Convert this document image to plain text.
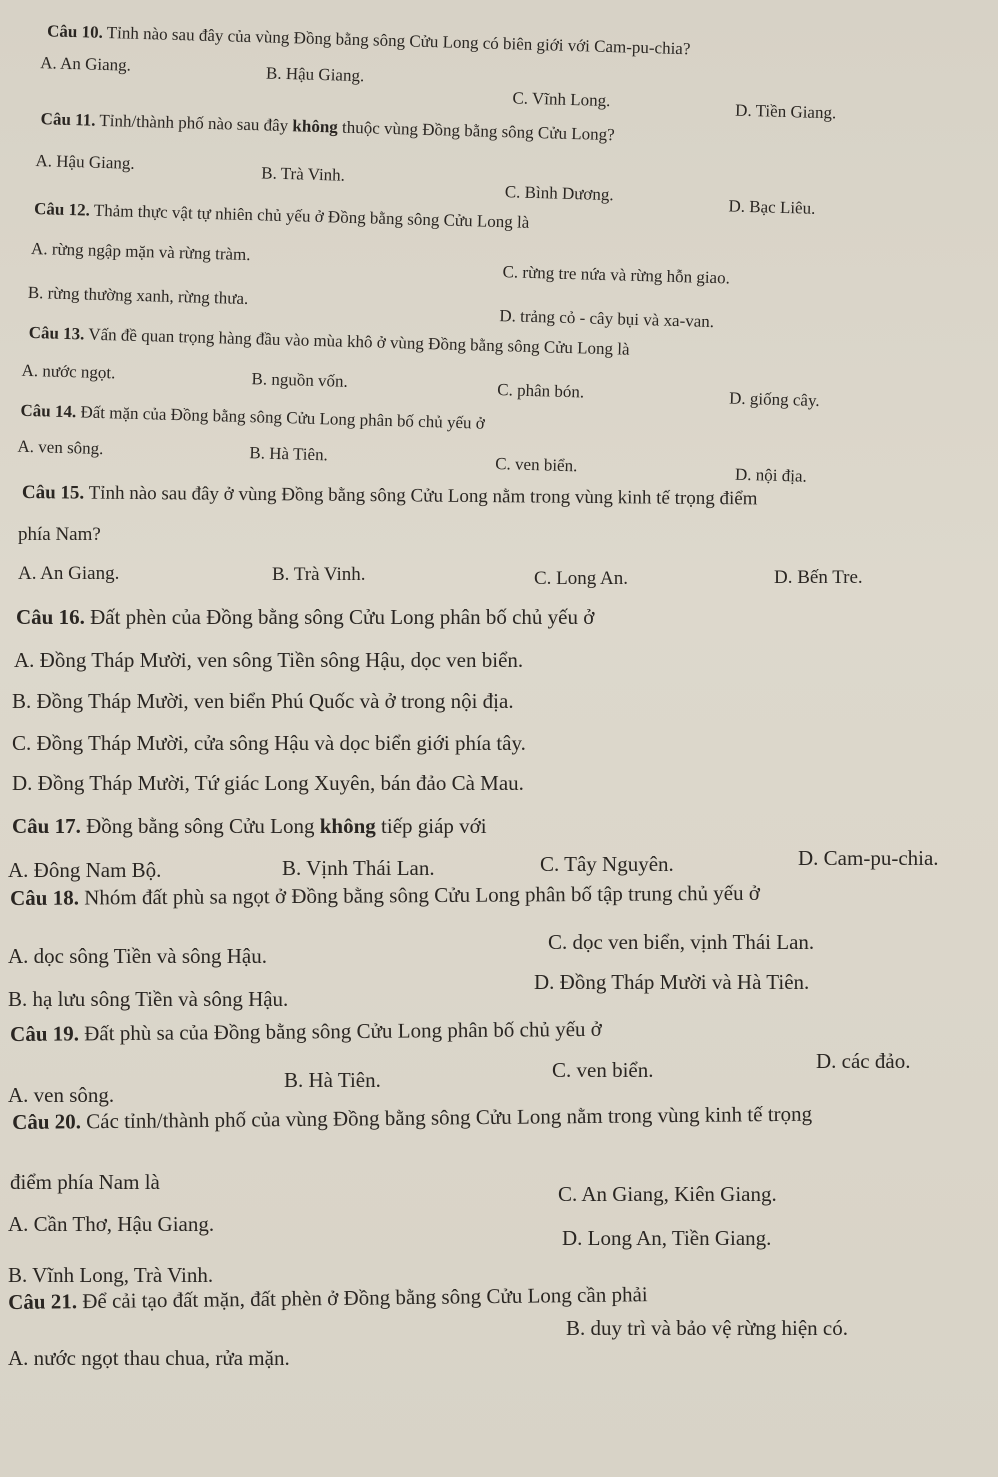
Câu 10. Tỉnh nào sau đây của vùng Đồng bằng sông Cửu Long có biên giới với Cam-pu-chia?
A. An Giang.	B. Hậu Giang.
C. Vĩnh Long.
D. Tiền Giang.
Câu 11. Tỉnh/thành phố nào sau đây không thuộc vùng Đồng bằng sông Cửu Long?
A. Hậu Giang.
B. Trà Vinh.
C. Bình Dương.
D. Bạc Liêu.
Câu 12. Thảm thực vật tự nhiên chủ yếu ở Đồng bằng sông Cửu Long là
A. rừng ngập mặn và rừng tràm.
C. rừng tre nứa và rừng hỗn giao.
B. rừng thường xanh, rừng thưa.
D. trảng cỏ - cây bụi và xa-van.
Câu 13. Vấn đề quan trọng hàng đầu vào mùa khô ở vùng Đồng bằng sông Cửu Long là
A. nước ngọt.	B. nguồn vốn.	C. phân bón.	D. giống cây.
Câu 14. Đất mặn của Đồng bằng sông Cửu Long phân bố chủ yếu ở
A. ven sông.	B. Hà Tiên.
C. ven biển.	D. nội địa.
Câu 15. Tỉnh nào sau đây ở vùng Đồng bằng sông Cửu Long nằm trong vùng kinh tế trọng điểm
phía Nam?
A. An Giang.	B. Trà Vinh.	C. Long An.	D. Bến Tre.
Câu 16. Đất phèn của Đồng bằng sông Cửu Long phân bố chủ yếu ở
A. Đồng Tháp Mười, ven sông Tiền sông Hậu, dọc ven biển.
B. Đồng Tháp Mười, ven biển Phú Quốc và ở trong nội địa.
C. Đồng Tháp Mười, cửa sông Hậu và dọc biển giới phía tây.
D. Đồng Tháp Mười, Tứ giác Long Xuyên, bán đảo Cà Mau.
Câu 17. Đồng bằng sông Cửu Long không tiếp giáp với
A. Đông Nam Bộ.	B. Vịnh Thái Lan.	C. Tây Nguyên.	D. Cam-pu-chia.
Câu 18. Nhóm đất phù sa ngọt ở Đồng bằng sông Cửu Long phân bố tập trung chủ yếu ở
C. dọc ven biển, vịnh Thái Lan.
A. dọc sông Tiền và sông Hậu.
D. Đồng Tháp Mười và Hà Tiên.
B. hạ lưu sông Tiền và sông Hậu.
Câu 19. Đất phù sa của Đồng bằng sông Cửu Long phân bố chủ yếu ở
D. các đảo.
B. Hà Tiên.	C. ven biển.
A. ven sông.
Câu 20. Các tỉnh/thành phố của vùng Đồng bằng sông Cửu Long nằm trong vùng kinh tế trọng
điểm phía Nam là	C. An Giang, Kiên Giang.
A. Cần Thơ, Hậu Giang.
D. Long An, Tiền Giang.
B. Vĩnh Long, Trà Vinh.
Câu 21. Để cải tạo đất mặn, đất phèn ở Đồng bằng sông Cửu Long cần phải
B. duy trì và bảo vệ rừng hiện có.
A. nước ngọt thau chua, rửa mặn.
